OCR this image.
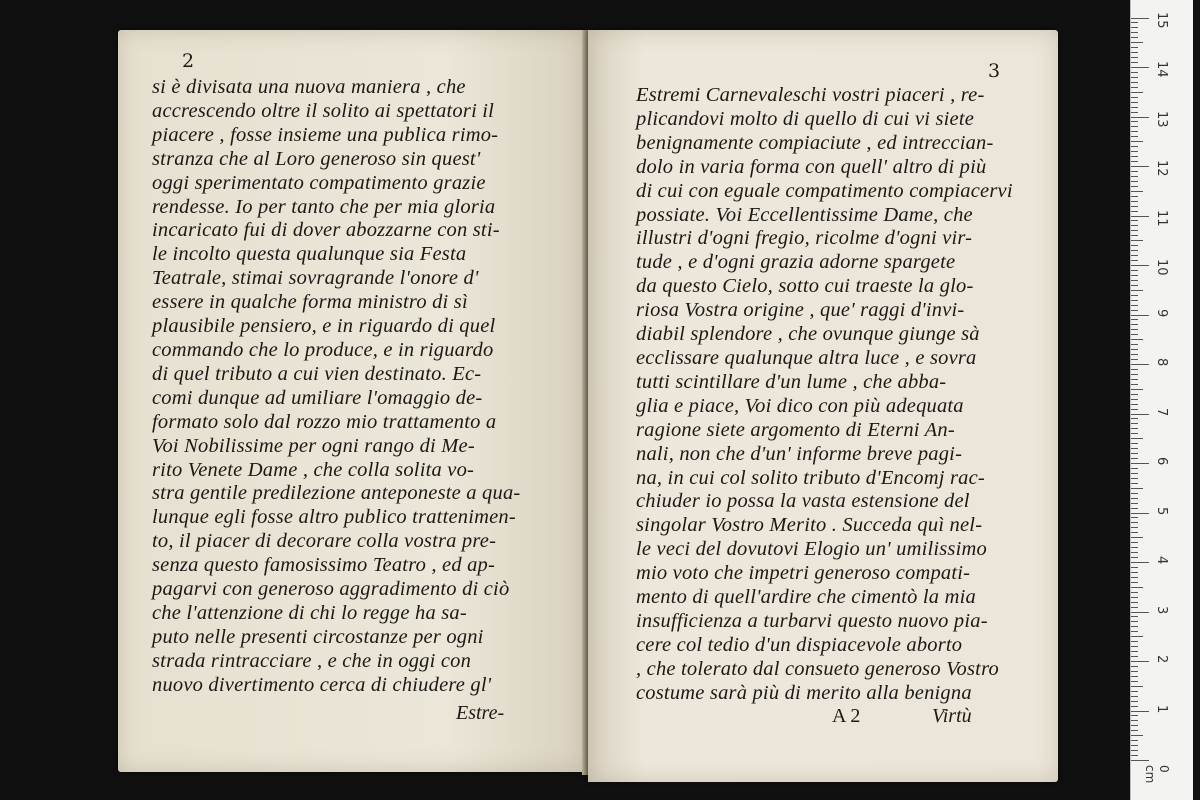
2
si è divisata una nuova maniera , che
accrescendo oltre il solito ai spettatori il
piacere , fosse insieme una publica rimo-
stranza che al Loro generoso sin quest'
oggi sperimentato compatimento grazie
rendesse. Io per tanto che per mia gloria
incaricato fui di dover abozzarne con sti-
le incolto questa qualunque sia Festa
Teatrale, stimai sovragrande l'onore d'
essere in qualche forma ministro di sì
plausibile pensiero, e in riguardo di quel
commando che lo produce, e in riguardo
di quel tributo a cui vien destinato. Ec-
comi dunque ad umiliare l'omaggio de-
formato solo dal rozzo mio trattamento a
Voi Nobilissime per ogni rango di Me-
rito Venete Dame , che colla solita vo-
stra gentile predilezione anteponeste a qua-
lunque egli fosse altro publico trattenimen-
to, il piacer di decorare colla vostra pre-
senza questo famosissimo Teatro , ed ap-
pagarvi con generoso aggradimento di ciò
che l'attenzione di chi lo regge ha sa-
puto nelle presenti circostanze per ogni
strada rintracciare , e che in oggi con
nuovo divertimento cerca di chiudere gl'
Estre-
3
Estremi Carnevaleschi vostri piaceri , re-
plicandovi molto di quello di cui vi siete
benignamente compiaciute , ed intreccian-
dolo in varia forma con quell' altro di più
di cui con eguale compatimento compiacervi
possiate. Voi Eccellentissime Dame, che
illustri d'ogni fregio, ricolme d'ogni vir-
tude , e d'ogni grazia adorne spargete
da questo Cielo, sotto cui traeste la glo-
riosa Vostra origine , que' raggi d'invi-
diabil splendore , che ovunque giunge sà
ecclissare qualunque altra luce , e sovra
tutti scintillare d'un lume , che abba-
glia e piace, Voi dico con più adequata
ragione siete argomento di Eterni An-
nali, non che d'un' informe breve pagi-
na, in cui col solito tributo d'Encomj rac-
chiuder io possa la vasta estensione del
singolar Vostro Merito . Succeda quì nel-
le veci del dovutovi Elogio un' umilissimo
mio voto che impetri generoso compati-
mento di quell'ardire che cimentò la mia
insufficienza a turbarvi questo nuovo pia-
cere col tedio d'un dispiacevole aborto
, che tolerato dal consueto generoso Vostro
costume sarà più di merito alla benigna
A 2	Virtù
0 cm
1
2
3
4
5
6
7
8
9
10
11
12
13
14
15
